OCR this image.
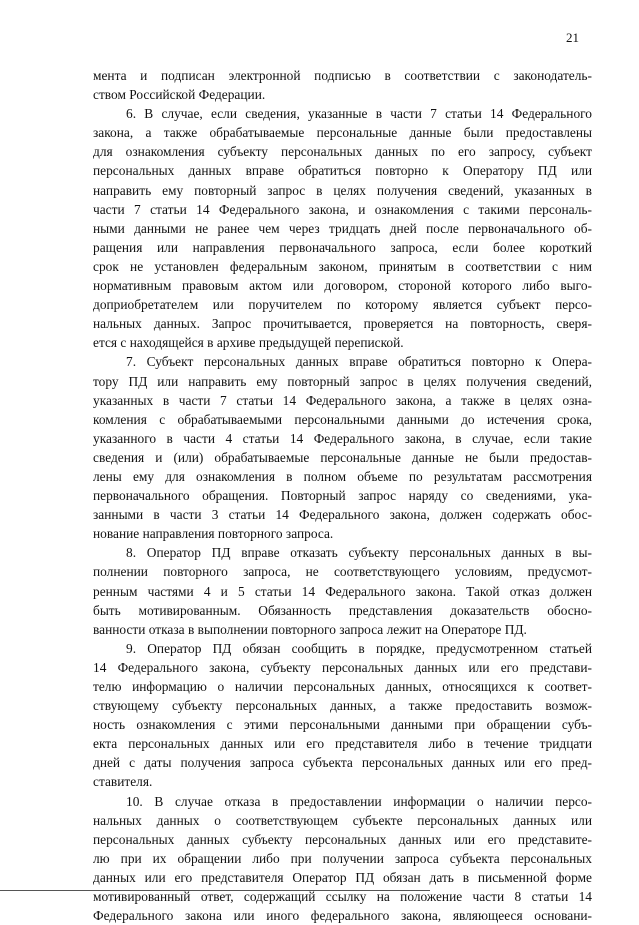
21
мента и подписан электронной подписью в соответствии с законодатель-
ством Российской Федерации.
6. В случае, если сведения, указанные в части 7 статьи 14 Федерального
закона, а также обрабатываемые персональные данные были предоставлены
для ознакомления субъекту персональных данных по его запросу, субъект
персональных данных вправе обратиться повторно к Оператору ПД или
направить ему повторный запрос в целях получения сведений, указанных в
части 7 статьи 14 Федерального закона, и ознакомления с такими персональ-
ными данными не ранее чем через тридцать дней после первоначального об-
ращения или направления первоначального запроса, если более короткий
срок не установлен федеральным законом, принятым в соответствии с ним
нормативным правовым актом или договором, стороной которого либо выго-
доприобретателем или поручителем по которому является субъект персо-
нальных данных. Запрос прочитывается, проверяется на повторность, сверя-
ется с находящейся в архиве предыдущей перепиской.
7. Субъект персональных данных вправе обратиться повторно к Опера-
тору ПД или направить ему повторный запрос в целях получения сведений,
указанных в части 7 статьи 14 Федерального закона, а также в целях озна-
комления с обрабатываемыми персональными данными до истечения срока,
указанного в части 4 статьи 14 Федерального закона, в случае, если такие
сведения и (или) обрабатываемые персональные данные не были предостав-
лены ему для ознакомления в полном объеме по результатам рассмотрения
первоначального обращения. Повторный запрос наряду со сведениями, ука-
занными в части 3 статьи 14 Федерального закона, должен содержать обос-
нование направления повторного запроса.
8. Оператор ПД вправе отказать субъекту персональных данных в вы-
полнении повторного запроса, не соответствующего условиям, предусмот-
ренным частями 4 и 5 статьи 14 Федерального закона. Такой отказ должен
быть мотивированным. Обязанность представления доказательств обосно-
ванности отказа в выполнении повторного запроса лежит на Операторе ПД.
9. Оператор ПД обязан сообщить в порядке, предусмотренном статьей
14 Федерального закона, субъекту персональных данных или его представи-
телю информацию о наличии персональных данных, относящихся к соответ-
ствующему субъекту персональных данных, а также предоставить возмож-
ность ознакомления с этими персональными данными при обращении субъ-
екта персональных данных или его представителя либо в течение тридцати
дней с даты получения запроса субъекта персональных данных или его пред-
ставителя.
10. В случае отказа в предоставлении информации о наличии персо-
нальных данных о соответствующем субъекте персональных данных или
персональных данных субъекту персональных данных или его представите-
лю при их обращении либо при получении запроса субъекта персональных
данных или его представителя Оператор ПД обязан дать в письменной форме
мотивированный ответ, содержащий ссылку на положение части 8 статьи 14
Федерального закона или иного федерального закона, являющееся основани-
